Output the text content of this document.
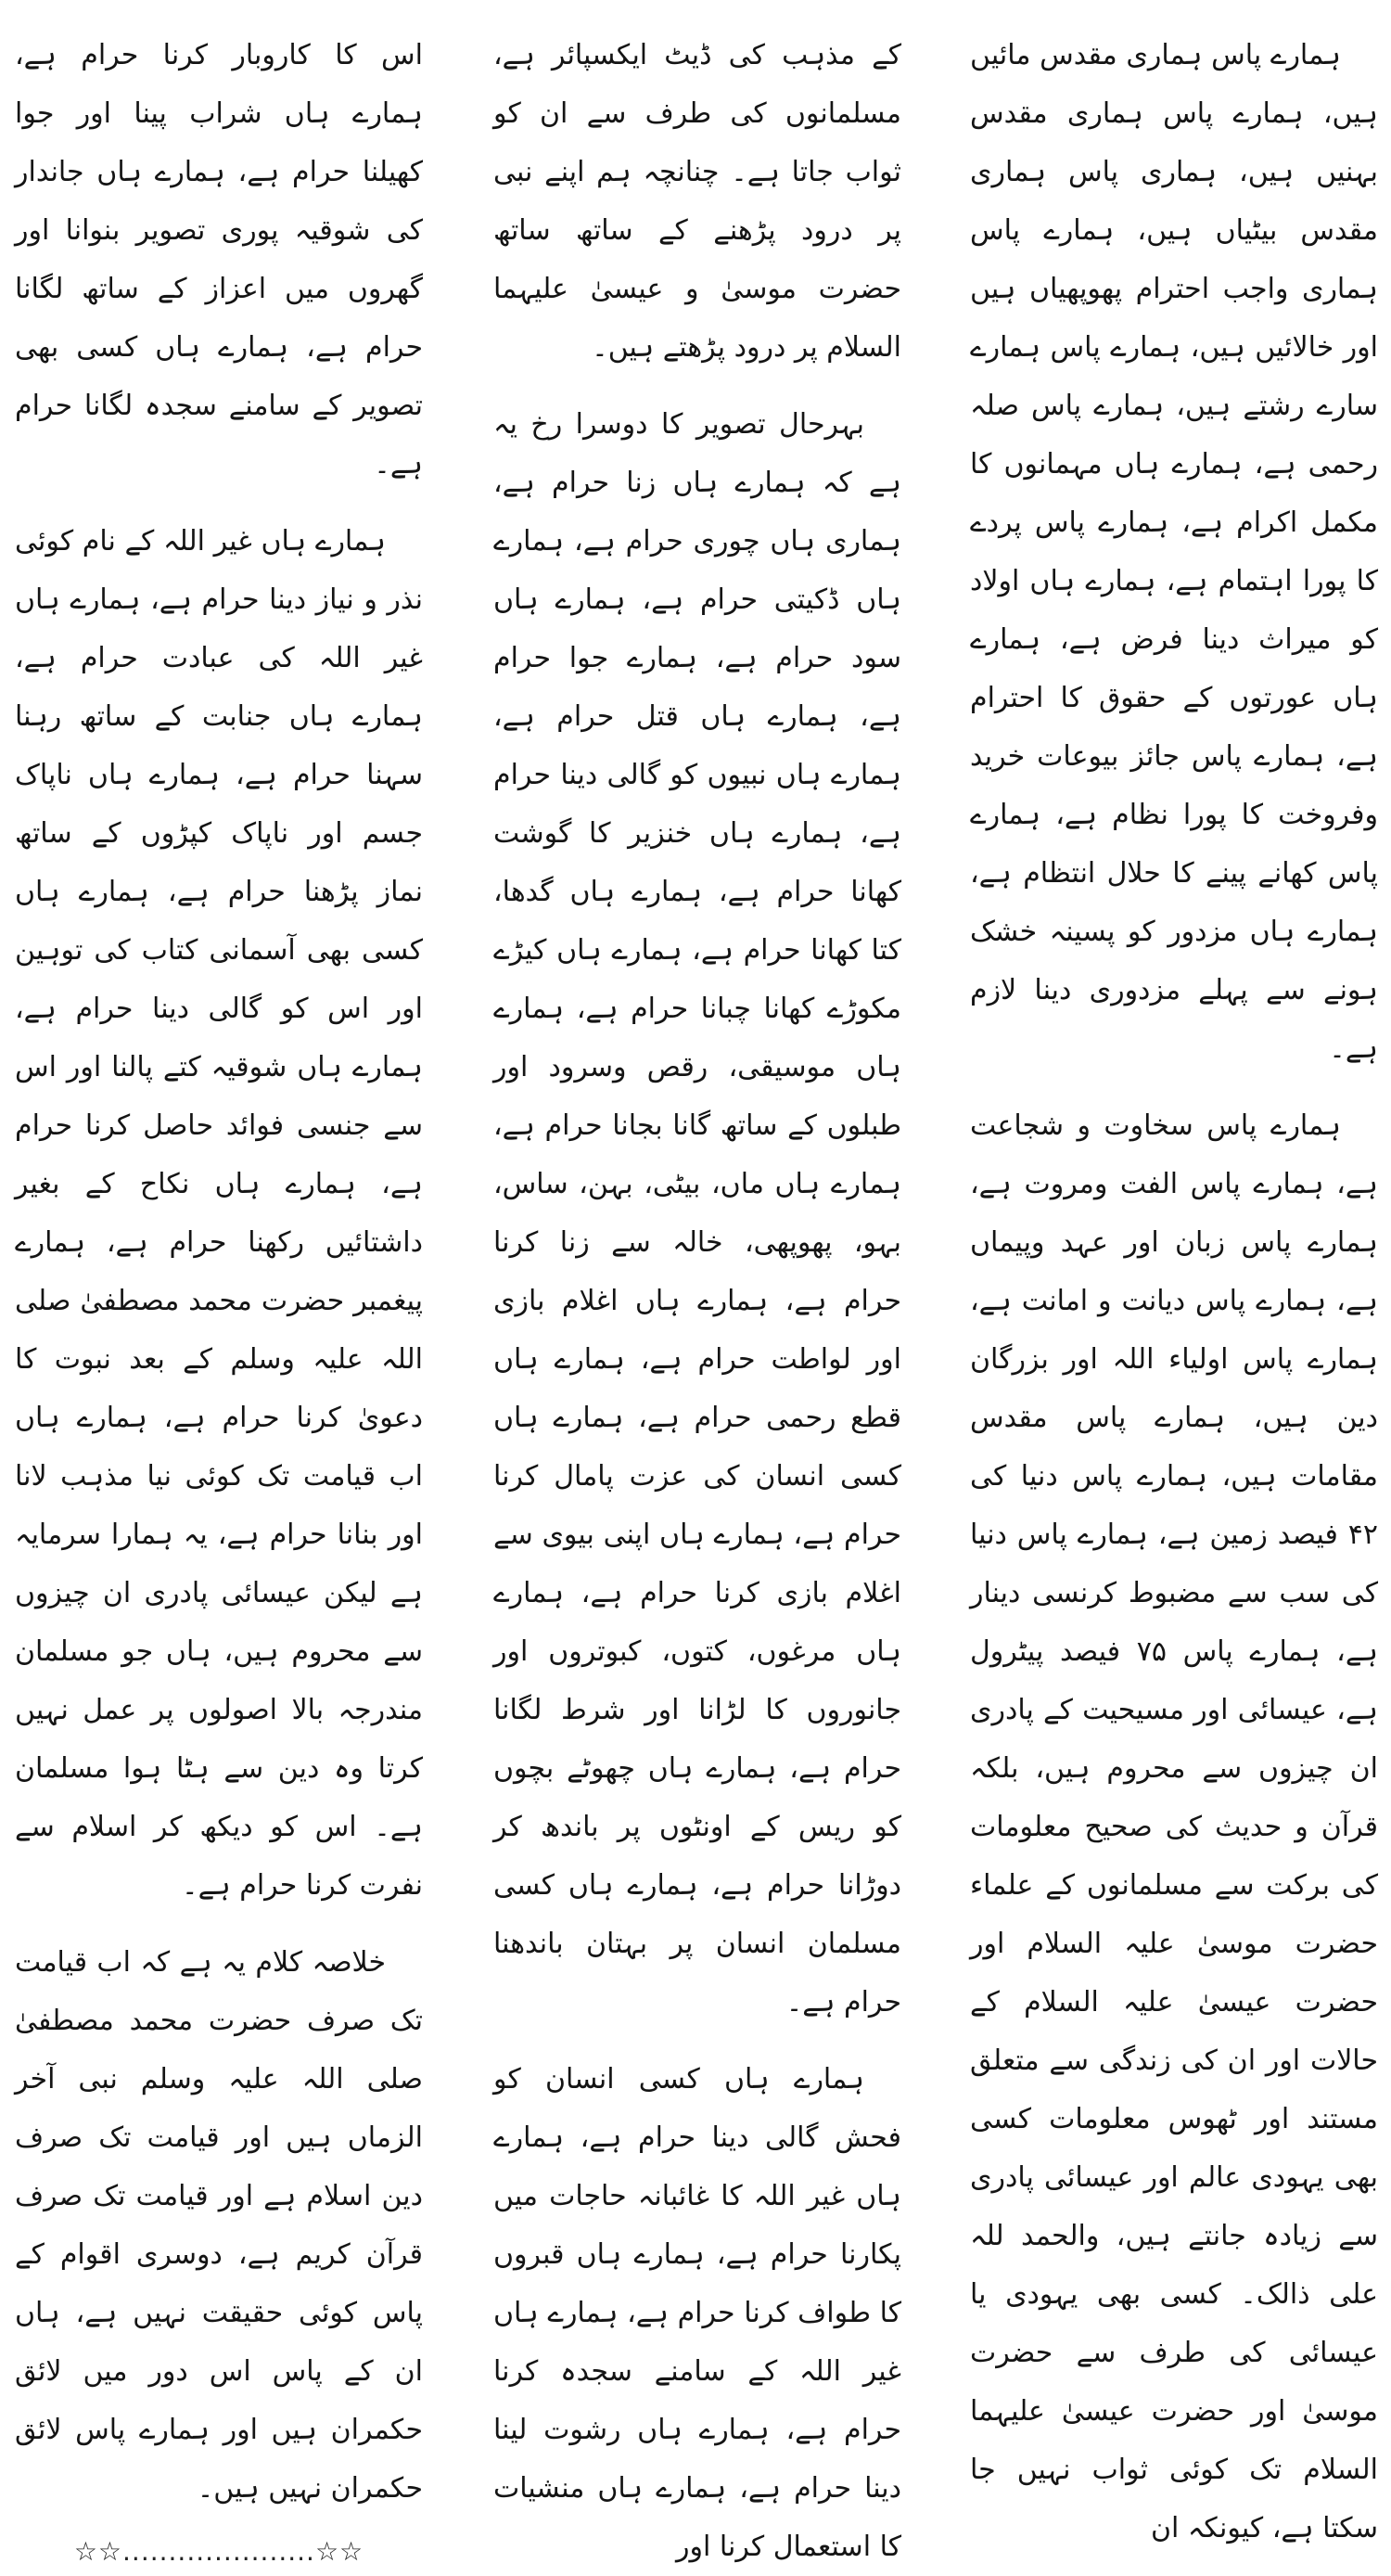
ہمارے پاس ہماری مقدس مائیں ہیں، ہمارے پاس ہماری مقدس بہنیں ہیں، ہماری پاس ہماری مقدس بیٹیاں ہیں، ہمارے پاس ہماری واجب احترام پھوپھیاں ہیں اور خالائیں ہیں، ہمارے پاس ہمارے سارے رشتے ہیں، ہمارے پاس صلہ رحمی ہے، ہمارے ہاں مہمانوں کا مکمل اکرام ہے، ہمارے پاس پردے کا پورا اہتمام ہے، ہمارے ہاں اولاد کو میراث دینا فرض ہے، ہمارے ہاں عورتوں کے حقوق کا احترام ہے، ہمارے پاس جائز بیوعات خرید وفروخت کا پورا نظام ہے، ہمارے پاس کھانے پینے کا حلال انتظام ہے، ہمارے ہاں مزدور کو پسینہ خشک ہونے سے پہلے مزدوری دینا لازم ہے۔

ہمارے پاس سخاوت و شجاعت ہے، ہمارے پاس الفت ومروت ہے، ہمارے پاس زبان اور عہد وپیماں ہے، ہمارے پاس دیانت و امانت ہے، ہمارے پاس اولیاء اللہ اور بزرگان دین ہیں، ہمارے پاس مقدس مقامات ہیں، ہمارے پاس دنیا کی ۴۲ فیصد زمین ہے، ہمارے پاس دنیا کی سب سے مضبوط کرنسی دینار ہے، ہمارے پاس ۷۵ فیصد پیٹرول ہے، عیسائی اور مسیحیت کے پادری ان چیزوں سے محروم ہیں، بلکہ قرآن و حدیث کی صحیح معلومات کی برکت سے مسلمانوں کے علماء حضرت موسیٰ علیہ السلام اور حضرت عیسیٰ علیہ السلام کے حالات اور ان کی زندگی سے متعلق مستند اور ٹھوس معلومات کسی بھی یہودی عالم اور عیسائی پادری سے زیادہ جانتے ہیں، والحمد للہ علی ذالک۔ کسی بھی یہودی یا عیسائی کی طرف سے حضرت موسیٰ اور حضرت عیسیٰ علیہما السلام تک کوئی ثواب نہیں جا سکتا ہے، کیونکہ ان

کے مذہب کی ڈیٹ ایکسپائر ہے، مسلمانوں کی طرف سے ان کو ثواب جاتا ہے۔ چنانچہ ہم اپنے نبی پر درود پڑھنے کے ساتھ ساتھ حضرت موسیٰ و عیسیٰ علیہما السلام پر درود پڑھتے ہیں۔

بہرحال تصویر کا دوسرا رخ یہ ہے کہ ہمارے ہاں زنا حرام ہے، ہماری ہاں چوری حرام ہے، ہمارے ہاں ڈکیتی حرام ہے، ہمارے ہاں سود حرام ہے، ہمارے جوا حرام ہے، ہمارے ہاں قتل حرام ہے، ہمارے ہاں نبیوں کو گالی دینا حرام ہے، ہمارے ہاں خنزیر کا گوشت کھانا حرام ہے، ہمارے ہاں گدھا، کتا کھانا حرام ہے، ہمارے ہاں کیڑے مکوڑے کھانا چبانا حرام ہے، ہمارے ہاں موسیقی، رقص وسرود اور طبلوں کے ساتھ گانا بجانا حرام ہے، ہمارے ہاں ماں، بیٹی، بہن، ساس، بہو، پھوپھی، خالہ سے زنا کرنا حرام ہے، ہمارے ہاں اغلام بازی اور لواطت حرام ہے، ہمارے ہاں قطع رحمی حرام ہے، ہمارے ہاں کسی انسان کی عزت پامال کرنا حرام ہے، ہمارے ہاں اپنی بیوی سے اغلام بازی کرنا حرام ہے، ہمارے ہاں مرغوں، کتوں، کبوتروں اور جانوروں کا لڑانا اور شرط لگانا حرام ہے، ہمارے ہاں چھوٹے بچوں کو ریس کے اونٹوں پر باندھ کر دوڑانا حرام ہے، ہمارے ہاں کسی مسلمان انسان پر بہتان باندھنا حرام ہے۔

ہمارے ہاں کسی انسان کو فحش گالی دینا حرام ہے، ہمارے ہاں غیر اللہ کا غائبانہ حاجات میں پکارنا حرام ہے، ہمارے ہاں قبروں کا طواف کرنا حرام ہے، ہمارے ہاں غیر اللہ کے سامنے سجدہ کرنا حرام ہے، ہمارے ہاں رشوت لینا دینا حرام ہے، ہمارے ہاں منشیات کا استعمال کرنا اور

اس کا کاروبار کرنا حرام ہے، ہمارے ہاں شراب پینا اور جوا کھیلنا حرام ہے، ہمارے ہاں جاندار کی شوقیہ پوری تصویر بنوانا اور گھروں میں اعزاز کے ساتھ لگانا حرام ہے، ہمارے ہاں کسی بھی تصویر کے سامنے سجدہ لگانا حرام ہے۔

ہمارے ہاں غیر اللہ کے نام کوئی نذر و نیاز دینا حرام ہے، ہمارے ہاں غیر اللہ کی عبادت حرام ہے، ہمارے ہاں جنابت کے ساتھ رہنا سہنا حرام ہے، ہمارے ہاں ناپاک جسم اور ناپاک کپڑوں کے ساتھ نماز پڑھنا حرام ہے، ہمارے ہاں کسی بھی آسمانی کتاب کی توہین اور اس کو گالی دینا حرام ہے، ہمارے ہاں شوقیہ کتے پالنا اور اس سے جنسی فوائد حاصل کرنا حرام ہے، ہمارے ہاں نکاح کے بغیر داشتائیں رکھنا حرام ہے، ہمارے پیغمبر حضرت محمد مصطفیٰ صلی اللہ علیہ وسلم کے بعد نبوت کا دعویٰ کرنا حرام ہے، ہمارے ہاں اب قیامت تک کوئی نیا مذہب لانا اور بنانا حرام ہے، یہ ہمارا سرمایہ ہے لیکن عیسائی پادری ان چیزوں سے محروم ہیں، ہاں جو مسلمان مندرجہ بالا اصولوں پر عمل نہیں کرتا وہ دین سے ہٹا ہوا مسلمان ہے۔ اس کو دیکھ کر اسلام سے نفرت کرنا حرام ہے۔

خلاصہ کلام یہ ہے کہ اب قیامت تک صرف حضرت محمد مصطفیٰ صلی اللہ علیہ وسلم نبی آخر الزماں ہیں اور قیامت تک صرف دین اسلام ہے اور قیامت تک صرف قرآن کریم ہے، دوسری اقوام کے پاس کوئی حقیقت نہیں ہے، ہاں ان کے پاس اس دور میں لائق حکمران ہیں اور ہمارے پاس لائق حکمران نہیں ہیں۔

☆☆.....................☆☆
